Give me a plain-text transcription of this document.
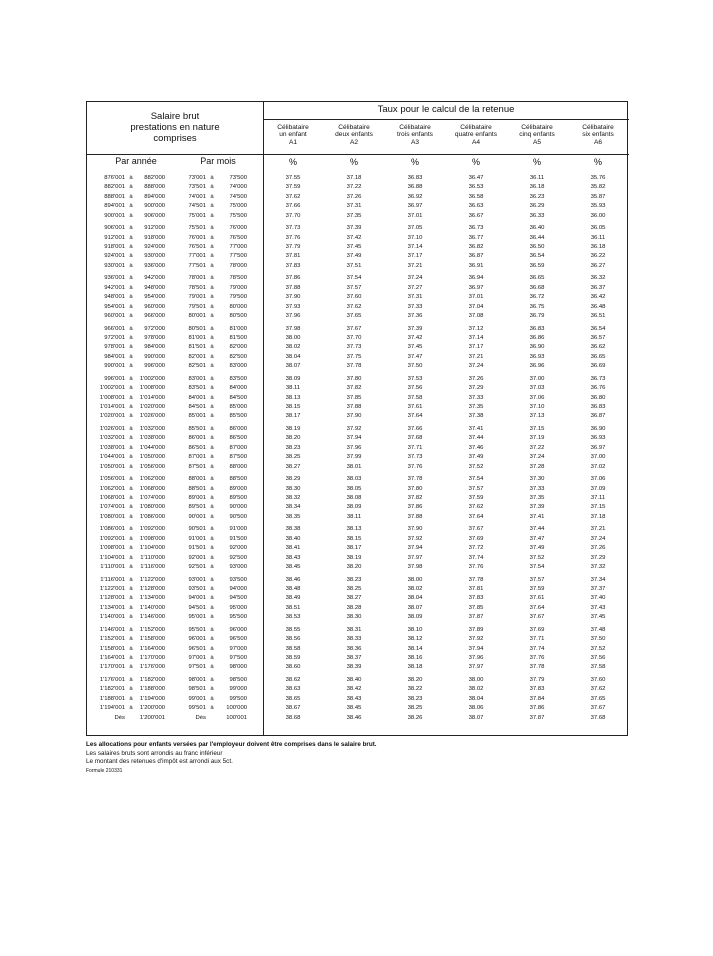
Salaire brut
prestations en nature
comprises
Taux pour le calcul de la retenue
Célibataire
un enfant
A1
%
Célibataire
deux enfants
A2
%
Célibataire
trois enfants
A3
%
Célibataire
quatre enfants
A4
%
Célibataire
cinq enfants
A5
%
Célibataire
six enfants
A6
%
Par année	Par mois
876'001 à	882'000	73'001 à	73'500	37.55	37.18	36.83	36.47	36.11	35.76
882'001 à	888'000	73'501 à	74'000	37.59	37.22	36.88	36.53	36.18	35.82
888'001 à	894'000	74'001 à	74'500	37.62	37.26	36.92	36.58	36.23	35.87
894'001 à	900'000	74'501 à	75'000	37.66	37.31	36.97	36.63	36.29	35.93
900'001 à	906'000	75'001 à	75'500	37.70	37.35	37.01	36.67	36.33	36.00
906'001 à	912'000	75'501 à	76'000	37.73	37.39	37.05	36.73	36.40	36.05
912'001 à	918'000	76'001 à	76'500	37.76	37.42	37.10	36.77	36.44	36.11
918'001 à	924'000	76'501 à	77'000	37.79	37.45	37.14	36.82	36.50	36.18
924'001 à	930'000	77'001 à	77'500	37.81	37.49	37.17	36.87	36.54	36.22
930'001 à	936'000	77'501 à	78'000	37.83	37.51	37.21	36.91	36.59	36.27
936'001 à	942'000	78'001 à	78'500	37.86	37.54	37.24	36.94	36.65	36.32
942'001 à	948'000	78'501 à	79'000	37.88	37.57	37.27	36.97	36.68	36.37
948'001 à	954'000	79'001 à	79'500	37.90	37.60	37.31	37.01	36.72	36.42
954'001 à	960'000	79'501 à	80'000	37.93	37.62	37.33	37.04	36.75	36.48
960'001 à	966'000	80'001 à	80'500	37.96	37.65	37.36	37.08	36.79	36.51
966'001 à	972'000	80'501 à	81'000	37.98	37.67	37.39	37.12	36.83	36.54
972'001 à	978'000	81'001 à	81'500	38.00	37.70	37.42	37.14	36.86	36.57
978'001 à	984'000	81'501 à	82'000	38.02	37.73	37.45	37.17	36.90	36.62
984'001 à	990'000	82'001 à	82'500	38.04	37.75	37.47	37.21	36.93	36.65
990'001 à	996'000	82'501 à	83'000	38.07	37.78	37.50	37.24	36.96	36.69
996'001 à	1'002'000	83'001 à	83'500	38.09	37.80	37.53	37.26	37.00	36.73
1'002'001 à	1'008'000	83'501 à	84'000	38.11	37.82	37.56	37.29	37.03	36.76
1'008'001 à	1'014'000	84'001 à	84'500	38.13	37.85	37.58	37.33	37.06	36.80
1'014'001 à	1'020'000	84'501 à	85'000	38.15	37.88	37.61	37.35	37.10	36.83
1'020'001 à	1'026'000	85'001 à	85'500	38.17	37.90	37.64	37.38	37.13	36.87
1'026'001 à	1'032'000	85'501 à	86'000	38.19	37.92	37.66	37.41	37.15	36.90
1'032'001 à	1'038'000	86'001 à	86'500	38.20	37.94	37.68	37.44	37.19	36.93
1'038'001 à	1'044'000	86'501 à	87'000	38.23	37.96	37.71	37.46	37.22	36.97
1'044'001 à	1'050'000	87'001 à	87'500	38.25	37.99	37.73	37.49	37.24	37.00
1'050'001 à	1'056'000	87'501 à	88'000	38.27	38.01	37.76	37.52	37.28	37.02
1'056'001 à	1'062'000	88'001 à	88'500	38.29	38.03	37.78	37.54	37.30	37.06
1'062'001 à	1'068'000	88'501 à	89'000	38.30	38.05	37.80	37.57	37.33	37.09
1'068'001 à	1'074'000	89'001 à	89'500	38.32	38.08	37.82	37.59	37.35	37.11
1'074'001 à	1'080'000	89'501 à	90'000	38.34	38.09	37.86	37.62	37.39	37.15
1'080'001 à	1'086'000	90'001 à	90'500	38.35	38.11	37.88	37.64	37.41	37.18
1'086'001 à	1'092'000	90'501 à	91'000	38.38	38.13	37.90	37.67	37.44	37.21
1'092'001 à	1'098'000	91'001 à	91'500	38.40	38.15	37.92	37.69	37.47	37.24
1'098'001 à	1'104'000	91'501 à	92'000	38.41	38.17	37.94	37.72	37.49	37.26
1'104'001 à	1'110'000	92'001 à	92'500	38.43	38.19	37.97	37.74	37.52	37.29
1'110'001 à	1'116'000	92'501 à	93'000	38.45	38.20	37.98	37.76	37.54	37.32
1'116'001 à	1'122'000	93'001 à	93'500	38.46	38.23	38.00	37.78	37.57	37.34
1'122'001 à	1'128'000	93'501 à	94'000	38.48	38.25	38.02	37.81	37.59	37.37
1'128'001 à	1'134'000	94'001 à	94'500	38.49	38.27	38.04	37.83	37.61	37.40
1'134'001 à	1'140'000	94'501 à	95'000	38.51	38.28	38.07	37.85	37.64	37.43
1'140'001 à	1'146'000	95'001 à	95'500	38.53	38.30	38.09	37.87	37.67	37.45
1'146'001 à	1'152'000	95'501 à	96'000	38.55	38.31	38.10	37.89	37.69	37.48
1'152'001 à	1'158'000	96'001 à	96'500	38.56	38.33	38.12	37.92	37.71	37.50
1'158'001 à	1'164'000	96'501 à	97'000	38.58	38.36	38.14	37.94	37.74	37.52
1'164'001 à	1'170'000	97'001 à	97'500	38.59	38.37	38.16	37.96	37.76	37.56
1'170'001 à	1'176'000	97'501 à	98'000	38.60	38.39	38.18	37.97	37.78	37.58
1'176'001 à	1'182'000	98'001 à	98'500	38.62	38.40	38.20	38.00	37.79	37.60
1'182'001 à	1'188'000	98'501 à	99'000	38.63	38.42	38.22	38.02	37.83	37.62
1'188'001 à	1'194'000	99'001 à	99'500	38.65	38.43	38.23	38.04	37.84	37.65
1'194'001 à	1'200'000	99'501 à	100'000	38.67	38.45	38.25	38.06	37.86	37.67
Dès	1'200'001	Dès	100'001	38.68	38.46	38.26	38.07	37.87	37.68
Les allocations pour enfants versées par l'employeur doivent être comprises dans le salaire brut.
Les salaires bruts sont arrondis au franc inférieur
Le montant des retenues d'impôt est arrondi aux 5ct.
Formule 210331
